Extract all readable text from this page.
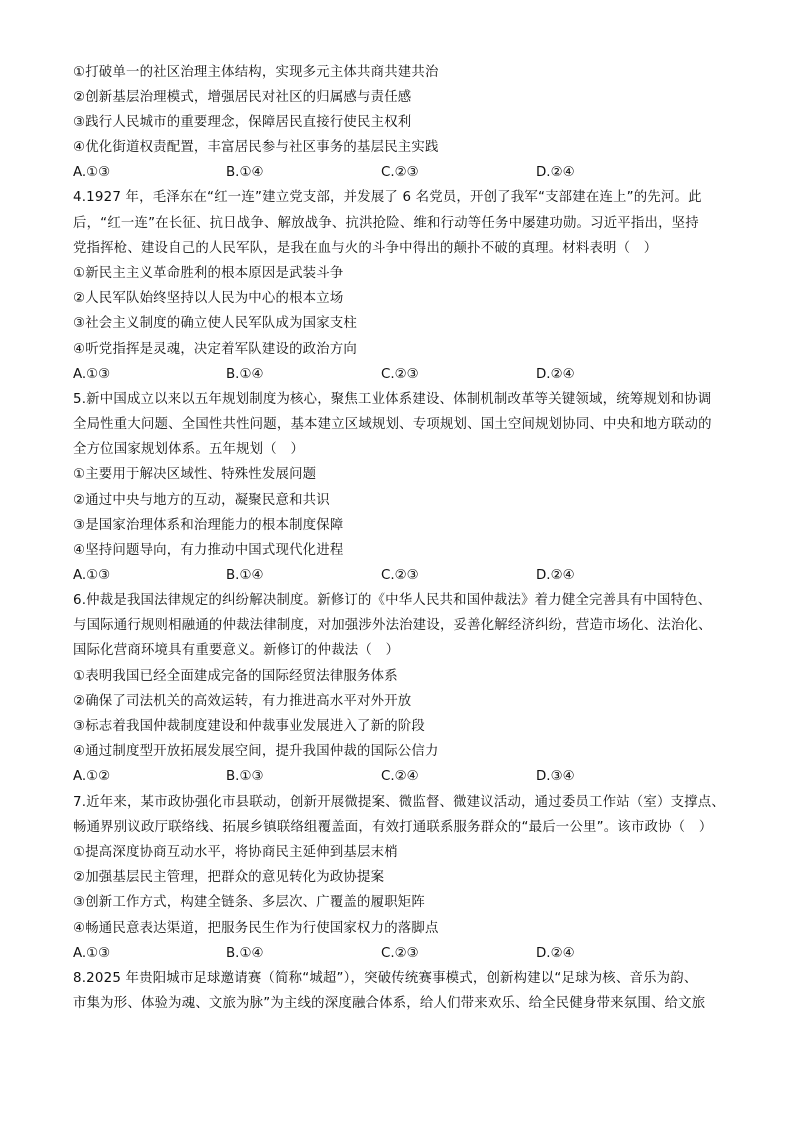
①打破单一的社区治理主体结构，实现多元主体共商共建共治
②创新基层治理模式，增强居民对社区的归属感与责任感
③践行人民城市的重要理念，保障居民直接行使民主权利
④优化街道权责配置，丰富居民参与社区事务的基层民主实践
A.①③	B.①④	C.②③	D.②④
4.1927 年，毛泽东在“红一连”建立党支部，并发展了 6 名党员，开创了我军“支部建在连上”的先河。此
后，“红一连”在长征、抗日战争、解放战争、抗洪抢险、维和行动等任务中屡建功勋。习近平指出，坚持
党指挥枪、建设自己的人民军队，是我在血与火的斗争中得出的颠扑不破的真理。材料表明（　）
①新民主主义革命胜利的根本原因是武装斗争
②人民军队始终坚持以人民为中心的根本立场
③社会主义制度的确立使人民军队成为国家支柱
④听党指挥是灵魂，决定着军队建设的政治方向
A.①③	B.①④	C.②③	D.②④
5.新中国成立以来以五年规划制度为核心，聚焦工业体系建设、体制机制改革等关键领域，统筹规划和协调
全局性重大问题、全国性共性问题，基本建立区域规划、专项规划、国土空间规划协同、中央和地方联动的
全方位国家规划体系。五年规划（　）
①主要用于解决区域性、特殊性发展问题
②通过中央与地方的互动，凝聚民意和共识
③是国家治理体系和治理能力的根本制度保障
④坚持问题导向，有力推动中国式现代化进程
A.①③	B.①④	C.②③	D.②④
6.仲裁是我国法律规定的纠纷解决制度。新修订的《中华人民共和国仲裁法》着力健全完善具有中国特色、
与国际通行规则相融通的仲裁法律制度，对加强涉外法治建设，妥善化解经济纠纷，营造市场化、法治化、
国际化营商环境具有重要意义。新修订的仲裁法（　）
①表明我国已经全面建成完备的国际经贸法律服务体系
②确保了司法机关的高效运转，有力推进高水平对外开放
③标志着我国仲裁制度建设和仲裁事业发展进入了新的阶段
④通过制度型开放拓展发展空间，提升我国仲裁的国际公信力
A.①②	B.①③	C.②④	D.③④
7.近年来，某市政协强化市县联动，创新开展微提案、微监督、微建议活动，通过委员工作站（室）支撑点、
畅通界别议政厅联络线、拓展乡镇联络组覆盖面，有效打通联系服务群众的“最后一公里”。该市政协（　）
①提高深度协商互动水平，将协商民主延伸到基层末梢
②加强基层民主管理，把群众的意见转化为政协提案
③创新工作方式，构建全链条、多层次、广覆盖的履职矩阵
④畅通民意表达渠道，把服务民生作为行使国家权力的落脚点
A.①③	B.①④	C.②③	D.②④
8.2025 年贵阳城市足球邀请赛（简称“城超”），突破传统赛事模式，创新构建以“足球为核、音乐为韵、
市集为形、体验为魂、文旅为脉”为主线的深度融合体系，给人们带来欢乐、给全民健身带来氛围、给文旅
